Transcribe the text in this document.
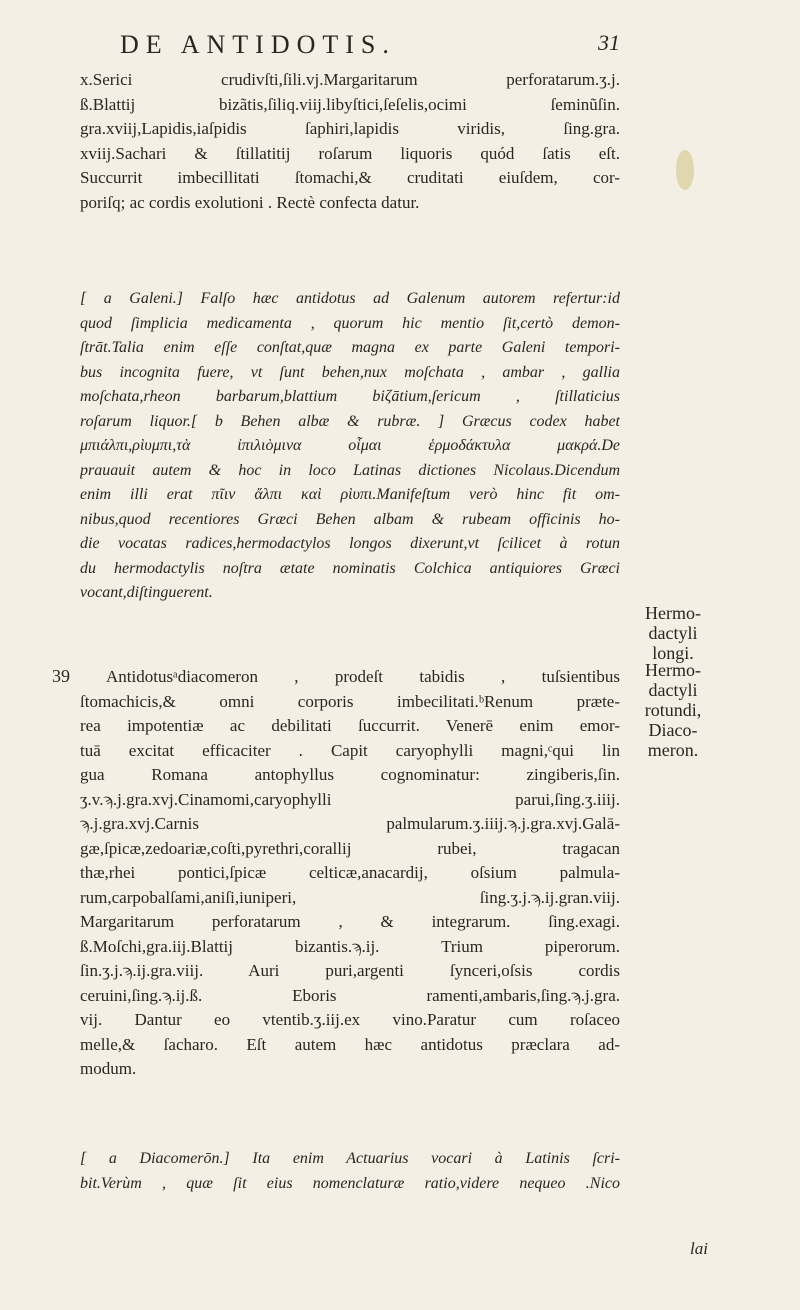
DE ANTIDOTIS.	31
x.Serici crudivſti,ſili.vj.Margaritarum perforatarum.ʒ.j.
ß.Blattij bizãtis,ſiliq.viij.libyſtici,ſeſelis,ocimi ſeminũſin.
gra.xviij,Lapidis,iaſpidis ſaphiri,lapidis viridis, ſing.gra.
xviij.Sachari & ſtillatitij roſarum liquoris quód ſatis eſt.
Succurrit imbecillitati ſtomachi,& cruditati eiuſdem, cor-
poriſq; ac cordis exolutioni . Rectè confecta datur.
[ a Galeni.] Falſo hæc antidotus ad Galenum autorem refertur:id
quod ſimplicia medicamenta , quorum hic mentio ſit,certò demon-
ſtrāt.Talia enim eſſe conſtat,quæ magna ex parte Galeni tempori-
bus incognita fuere, vt ſunt behen,nux moſchata , ambar , gallia
moſchata,rheon barbarum,blattium biζātium,ſericum , ſtillaticius
roſarum liquor.[ b Behen albæ & rubræ. ] Græcus codex habet
μπιάλπι,ρὶυμπι,τὰ ἰπιλιὸμινα οἶμαι ἑρμοδάκτυλα μακρά.De
prauauit autem & hoc in loco Latinas dictiones Nicolaus.Dicendum
enim illi erat πῖιν ἄλπι καὶ ρὶυπι.Manifeſtum verò hinc fit om-
nibus,quod recentiores Græci Behen albam & rubeam officinis ho-
die vocatas radices,hermodactylos longos dixerunt,vt ſcilicet à rotun
du hermodactylis noſtra ætate nominatis Colchica antiquiores Græci
vocant,diſtinguerent.
Hermo-
dactyli
longi.
Hermo-
dactyli
rotundi,
Diaco-
meron.
39	Antidotusᵃdiacomeron , prodeſt tabidis , tuſsientibus
ſtomachicis,& omni corporis imbecilitati.ᵇRenum præte-
rea impotentiæ ac debilitati ſuccurrit. Venerē enim emor-
tuā excitat efficaciter . Capit caryophylli magni,ᶜqui lin
gua Romana antophyllus cognominatur: zingiberis,ſin.
ʒ.v.ϡ.j.gra.xvj.Cinamomi,caryophylli parui,ſing.ʒ.iiij.
ϡ.j.gra.xvj.Carnis palmularum.ʒ.iiij.ϡ.j.gra.xvj.Galā-
gæ,ſpicæ,zedoariæ,coſti,pyrethri,corallij rubei, tragacan
thæ,rhei pontici,ſpicæ celticæ,anacardij, oſsium palmula-
rum,carpobalſami,aniſi,iuniperi, ſing.ʒ.j.ϡ.ij.gran.viij.
Margaritarum perforatarum , & integrarum. ſing.exagi.
ß.Moſchi,gra.iij.Blattij bizantis.ϡ.ij. Trium piperorum.
ſin.ʒ.j.ϡ.ij.gra.viij. Auri puri,argenti ſynceri,oſsis cordis
ceruini,ſing.ϡ.ij.ß. Eboris ramenti,ambaris,ſing.ϡ.j.gra.
vij. Dantur eo vtentib.ʒ.iij.ex vino.Paratur cum roſaceo
melle,& ſacharo. Eſt autem hæc antidotus præclara ad-
modum.
[ a Diacomerōn.] Ita enim Actuarius vocari à Latinis ſcri-
bit.Verùm , quæ ſit eius nomenclaturæ ratio,videre nequeo .Nico
lai
